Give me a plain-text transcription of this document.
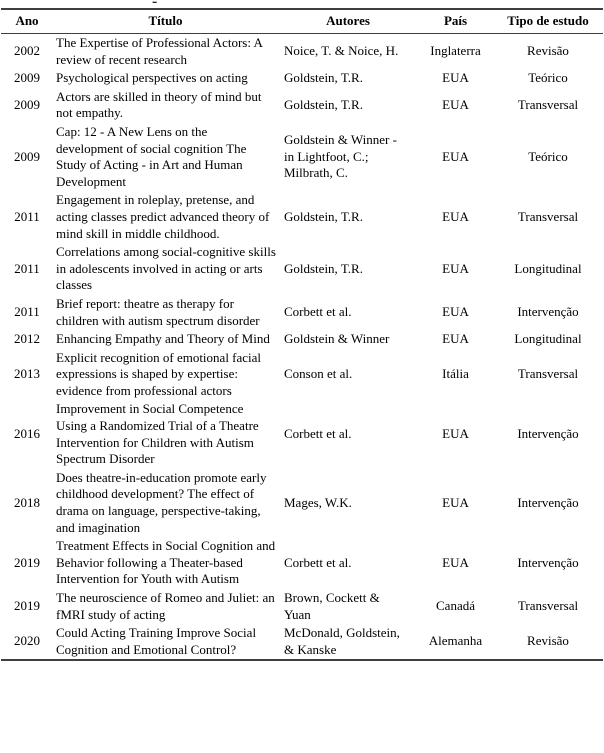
-
Ano	Título	Autores	País	Tipo de estudo
2002	The Expertise of Professional Actors: A review of recent research	Noice, T. & Noice, H.	Inglaterra	Revisão
2009	Psychological perspectives on acting	Goldstein, T.R.	EUA	Teórico
2009	Actors are skilled in theory of mind but not empathy.	Goldstein, T.R.	EUA	Transversal
2009	Cap: 12 - A New Lens on the development of social cognition The Study of Acting - in Art and Human Development	Goldstein & Winner - in Lightfoot, C.; Milbrath, C.	EUA	Teórico
2011	Engagement in roleplay, pretense, and acting classes predict advanced theory of mind skill in middle childhood.	Goldstein, T.R.	EUA	Transversal
2011	Correlations among social-cognitive skills in adolescents involved in acting or arts classes	Goldstein, T.R.	EUA	Longitudinal
2011	Brief report: theatre as therapy for children with autism spectrum disorder	Corbett et al.	EUA	Intervenção
2012	Enhancing Empathy and Theory of Mind	Goldstein & Winner	EUA	Longitudinal
2013	Explicit recognition of emotional facial expressions is shaped by expertise: evidence from professional actors	Conson et al.	Itália	Transversal
2016	Improvement in Social Competence Using a Randomized Trial of a Theatre Intervention for Children with Autism Spectrum Disorder	Corbett et al.	EUA	Intervenção
2018	Does theatre-in-education promote early childhood development? The effect of drama on language, perspective-taking, and imagination	Mages, W.K.	EUA	Intervenção
2019	Treatment Effects in Social Cognition and Behavior following a Theater-based Intervention for Youth with Autism	Corbett et al.	EUA	Intervenção
2019	The neuroscience of Romeo and Juliet: an fMRI study of acting	Brown, Cockett & Yuan	Canadá	Transversal
2020	Could Acting Training Improve Social Cognition and Emotional Control?	McDonald, Goldstein, & Kanske	Alemanha	Revisão
